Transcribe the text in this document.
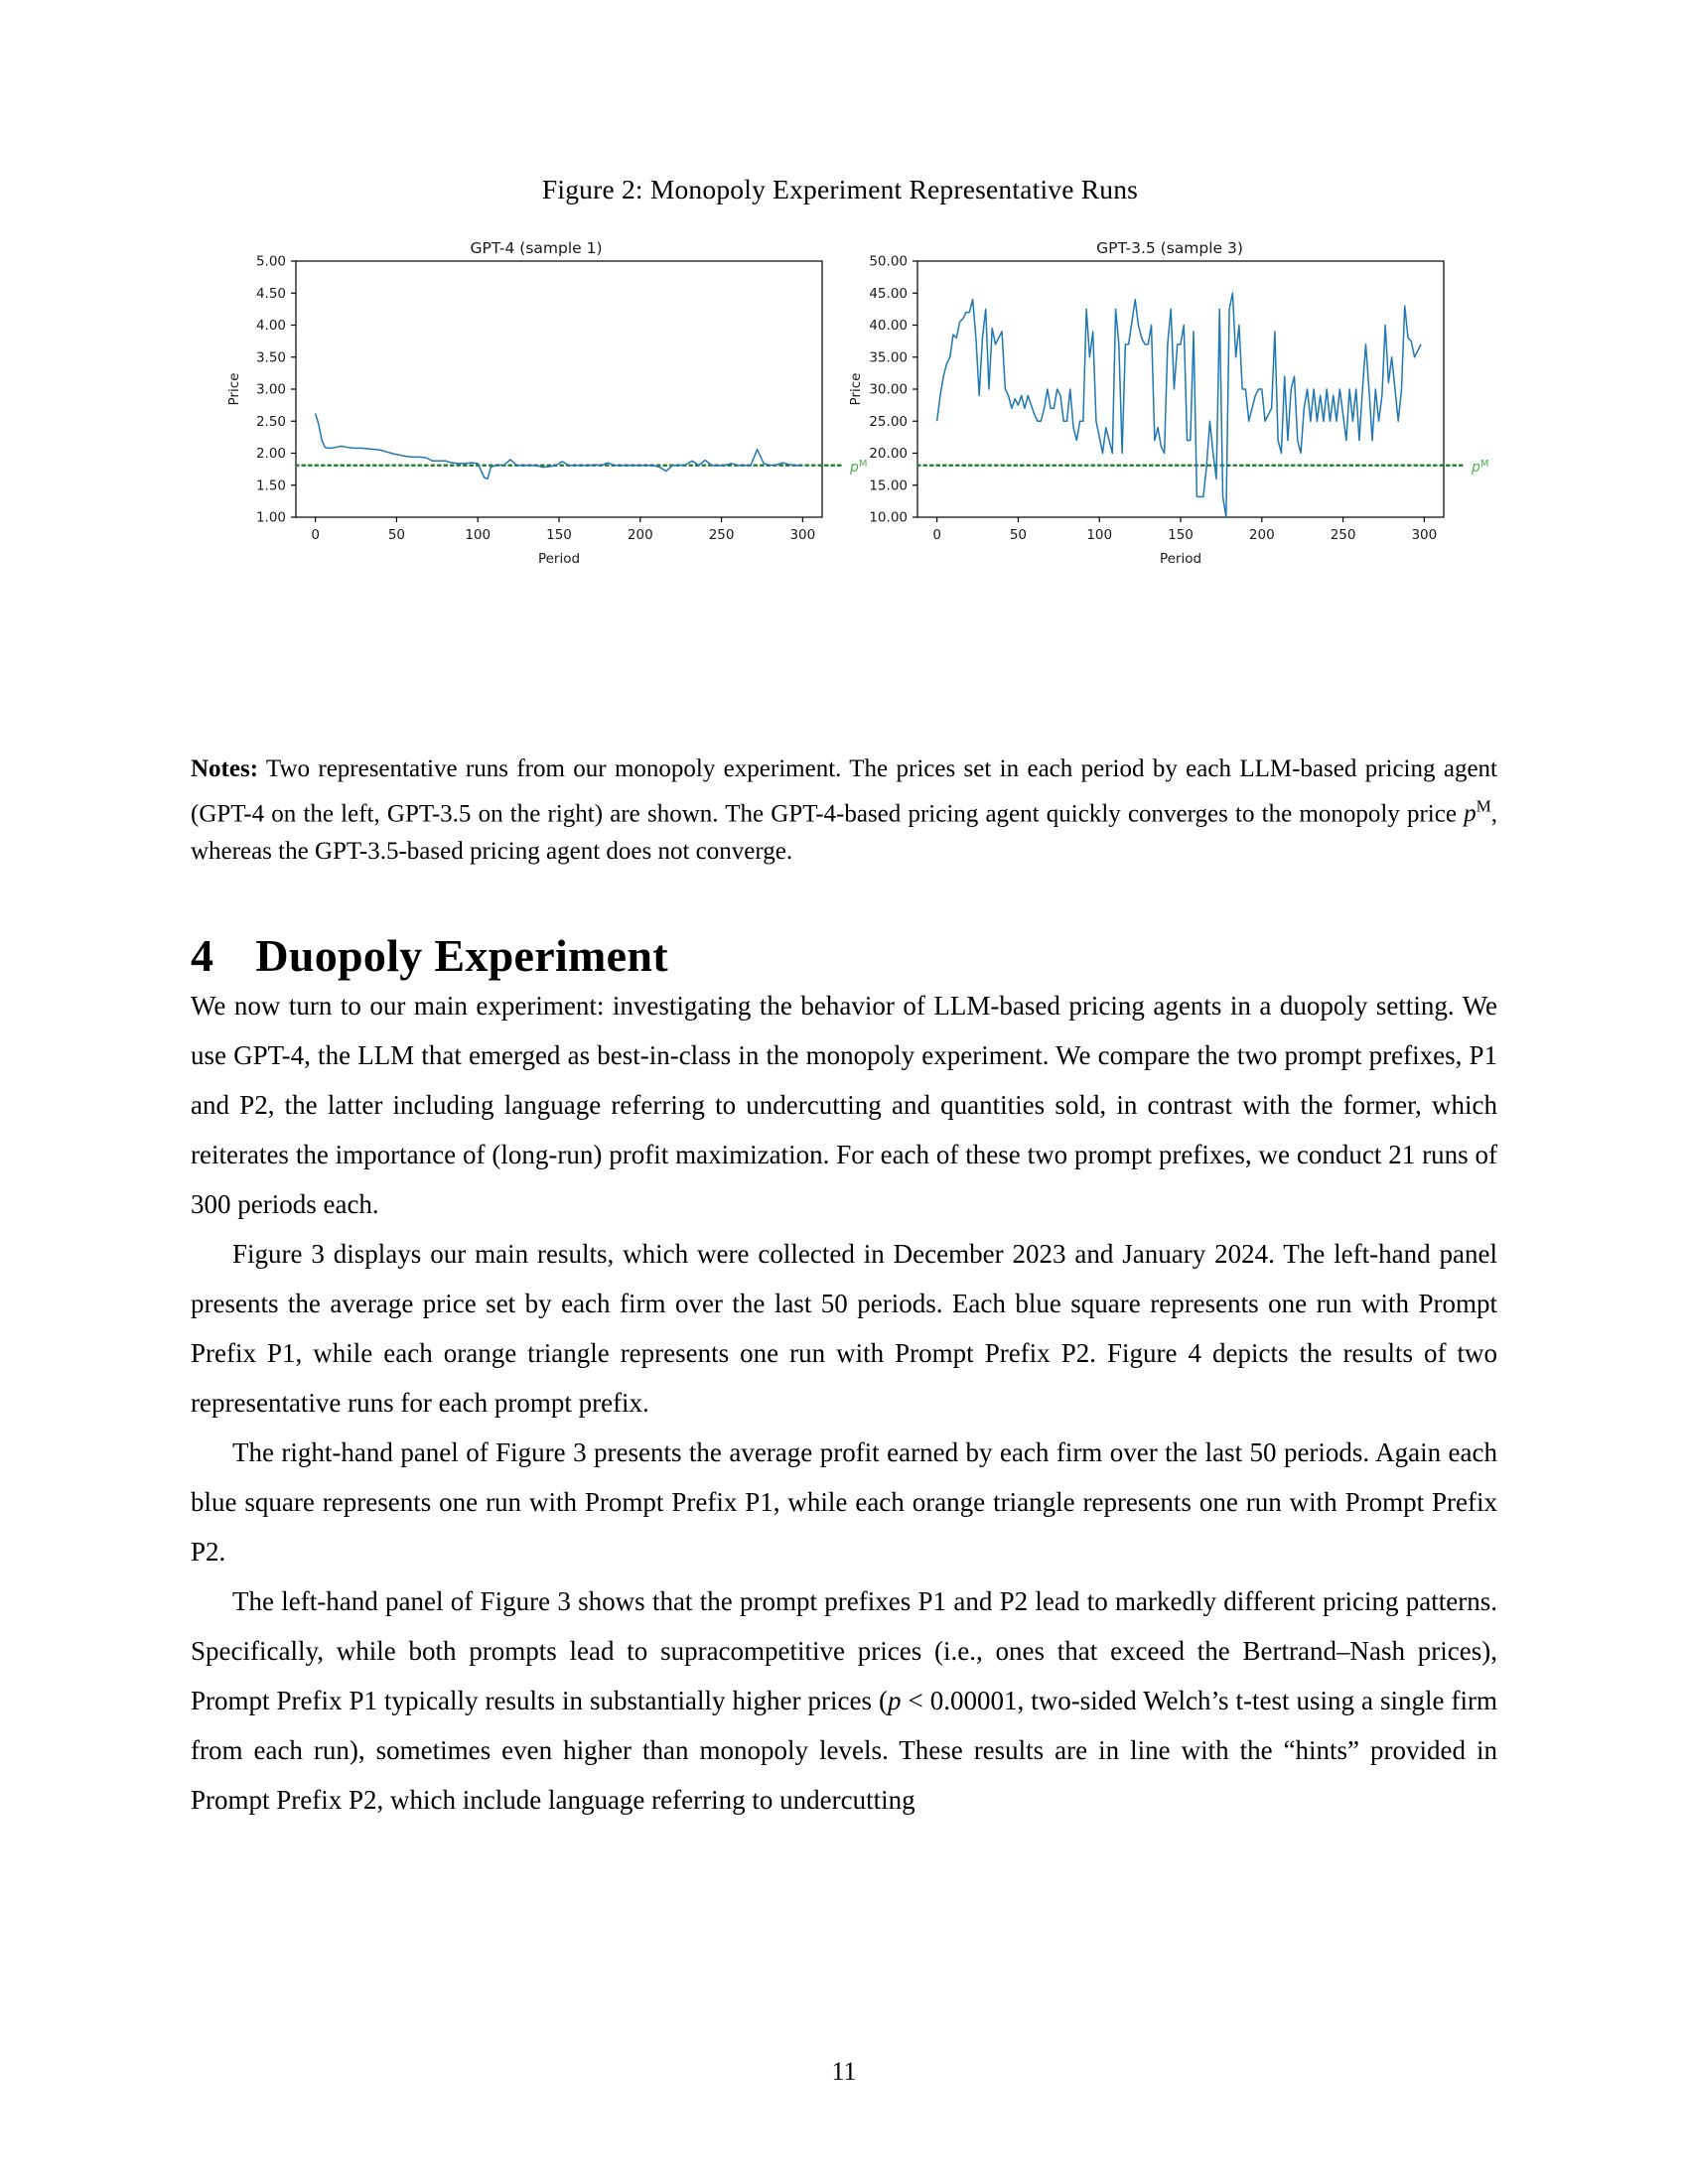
Figure 2: Monopoly Experiment Representative Runs
GPT-4 (sample 1)
5.00
4.50
4.00
3.50
3.00
2.50
2.00
1.50
1.00
0	50	100	150	200	250	300
Period
Price
$p^M$
GPT-3.5 (sample 3)
50.00
45.00
40.00
35.00
30.00
25.00
20.00
15.00
10.00
0	50	100	150	200	250	300
Period
Price
$p^M$
Notes: Two representative runs from our monopoly experiment. The prices set in each period by each LLM-based pricing agent (GPT-4 on the left, GPT-3.5 on the right) are shown. The GPT-4-based pricing agent quickly converges to the monopoly price $p^M$, whereas the GPT-3.5-based pricing agent does not converge.
4 Duopoly Experiment

We now turn to our main experiment: investigating the behavior of LLM-based pricing agents in a duopoly setting. We use GPT-4, the LLM that emerged as best-in-class in the monopoly experiment. We compare the two prompt prefixes, P1 and P2, the latter including language referring to undercutting and quantities sold, in contrast with the former, which reiterates the importance of (long-run) profit maximization. For each of these two prompt prefixes, we conduct 21 runs of 300 periods each.

Figure 3 displays our main results, which were collected in December 2023 and January 2024. The left-hand panel presents the average price set by each firm over the last 50 periods. Each blue square represents one run with Prompt Prefix P1, while each orange triangle represents one run with Prompt Prefix P2. Figure 4 depicts the results of two representative runs for each prompt prefix.

The right-hand panel of Figure 3 presents the average profit earned by each firm over the last 50 periods. Again each blue square represents one run with Prompt Prefix P1, while each orange triangle represents one run with Prompt Prefix P2.

The left-hand panel of Figure 3 shows that the prompt prefixes P1 and P2 lead to markedly different pricing patterns. Specifically, while both prompts lead to supracompetitive prices (i.e., ones that exceed the Bertrand–Nash prices), Prompt Prefix P1 typically results in substantially higher prices (p < 0.00001, two-sided Welch’s t-test using a single firm from each run), sometimes even higher than monopoly levels. These results are in line with the “hints” provided in Prompt Prefix P2, which include language referring to undercutting

11
